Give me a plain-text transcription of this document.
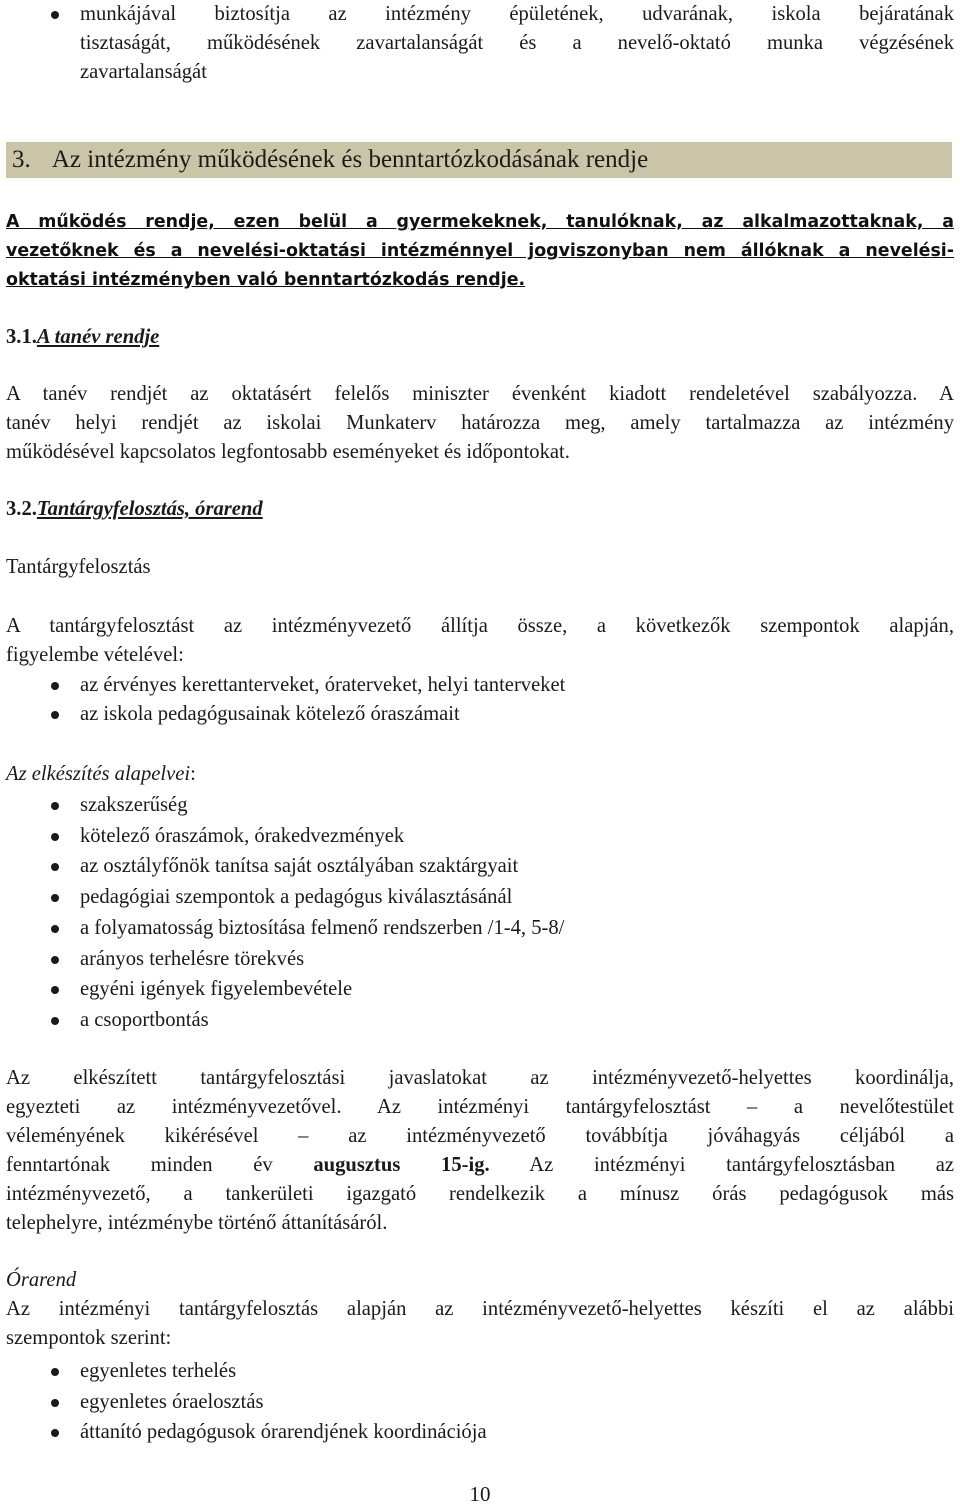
munkájával biztosítja az intézmény épületének, udvarának, iskola bejáratának
tisztaságát, működésének zavartalanságát és a nevelő-oktató munka végzésének
zavartalanságát
3. Az intézmény működésének és benntartózkodásának rendje
A működés rendje, ezen belül a gyermekeknek, tanulóknak, az alkalmazottaknak, a
vezetőknek és a nevelési-oktatási intézménnyel jogviszonyban nem állóknak a nevelési-
oktatási intézményben való benntartózkodás rendje.
3.1.A tanév rendje
A tanév rendjét az oktatásért felelős miniszter évenként kiadott rendeletével szabályozza. A
tanév helyi rendjét az iskolai Munkaterv határozza meg, amely tartalmazza az intézmény
működésével kapcsolatos legfontosabb eseményeket és időpontokat.
3.2.Tantárgyfelosztás, órarend
Tantárgyfelosztás
A tantárgyfelosztást az intézményvezető állítja össze, a következők szempontok alapján,
figyelembe vételével:
az érvényes kerettanterveket, óraterveket, helyi tanterveket
az iskola pedagógusainak kötelező óraszámait
Az elkészítés alapelvei:
szakszerűség
kötelező óraszámok, órakedvezmények
az osztályfőnök tanítsa saját osztályában szaktárgyait
pedagógiai szempontok a pedagógus kiválasztásánál
a folyamatosság biztosítása felmenő rendszerben /1-4, 5-8/
arányos terhelésre törekvés
egyéni igények figyelembevétele
a csoportbontás
Az elkészített tantárgyfelosztási javaslatokat az intézményvezető-helyettes koordinálja,
egyezteti az intézményvezetővel. Az intézményi tantárgyfelosztást – a nevelőtestület
véleményének kikérésével – az intézményvezető továbbítja jóváhagyás céljából a
fenntartónak minden év augusztus 15-ig. Az intézményi tantárgyfelosztásban az
intézményvezető, a tankerületi igazgató rendelkezik a mínusz órás pedagógusok más
telephelyre, intézménybe történő áttanításáról.
Órarend
Az intézményi tantárgyfelosztás alapján az intézményvezető-helyettes készíti el az alábbi
szempontok szerint:
egyenletes terhelés
egyenletes óraelosztás
áttanító pedagógusok órarendjének koordinációja
10
